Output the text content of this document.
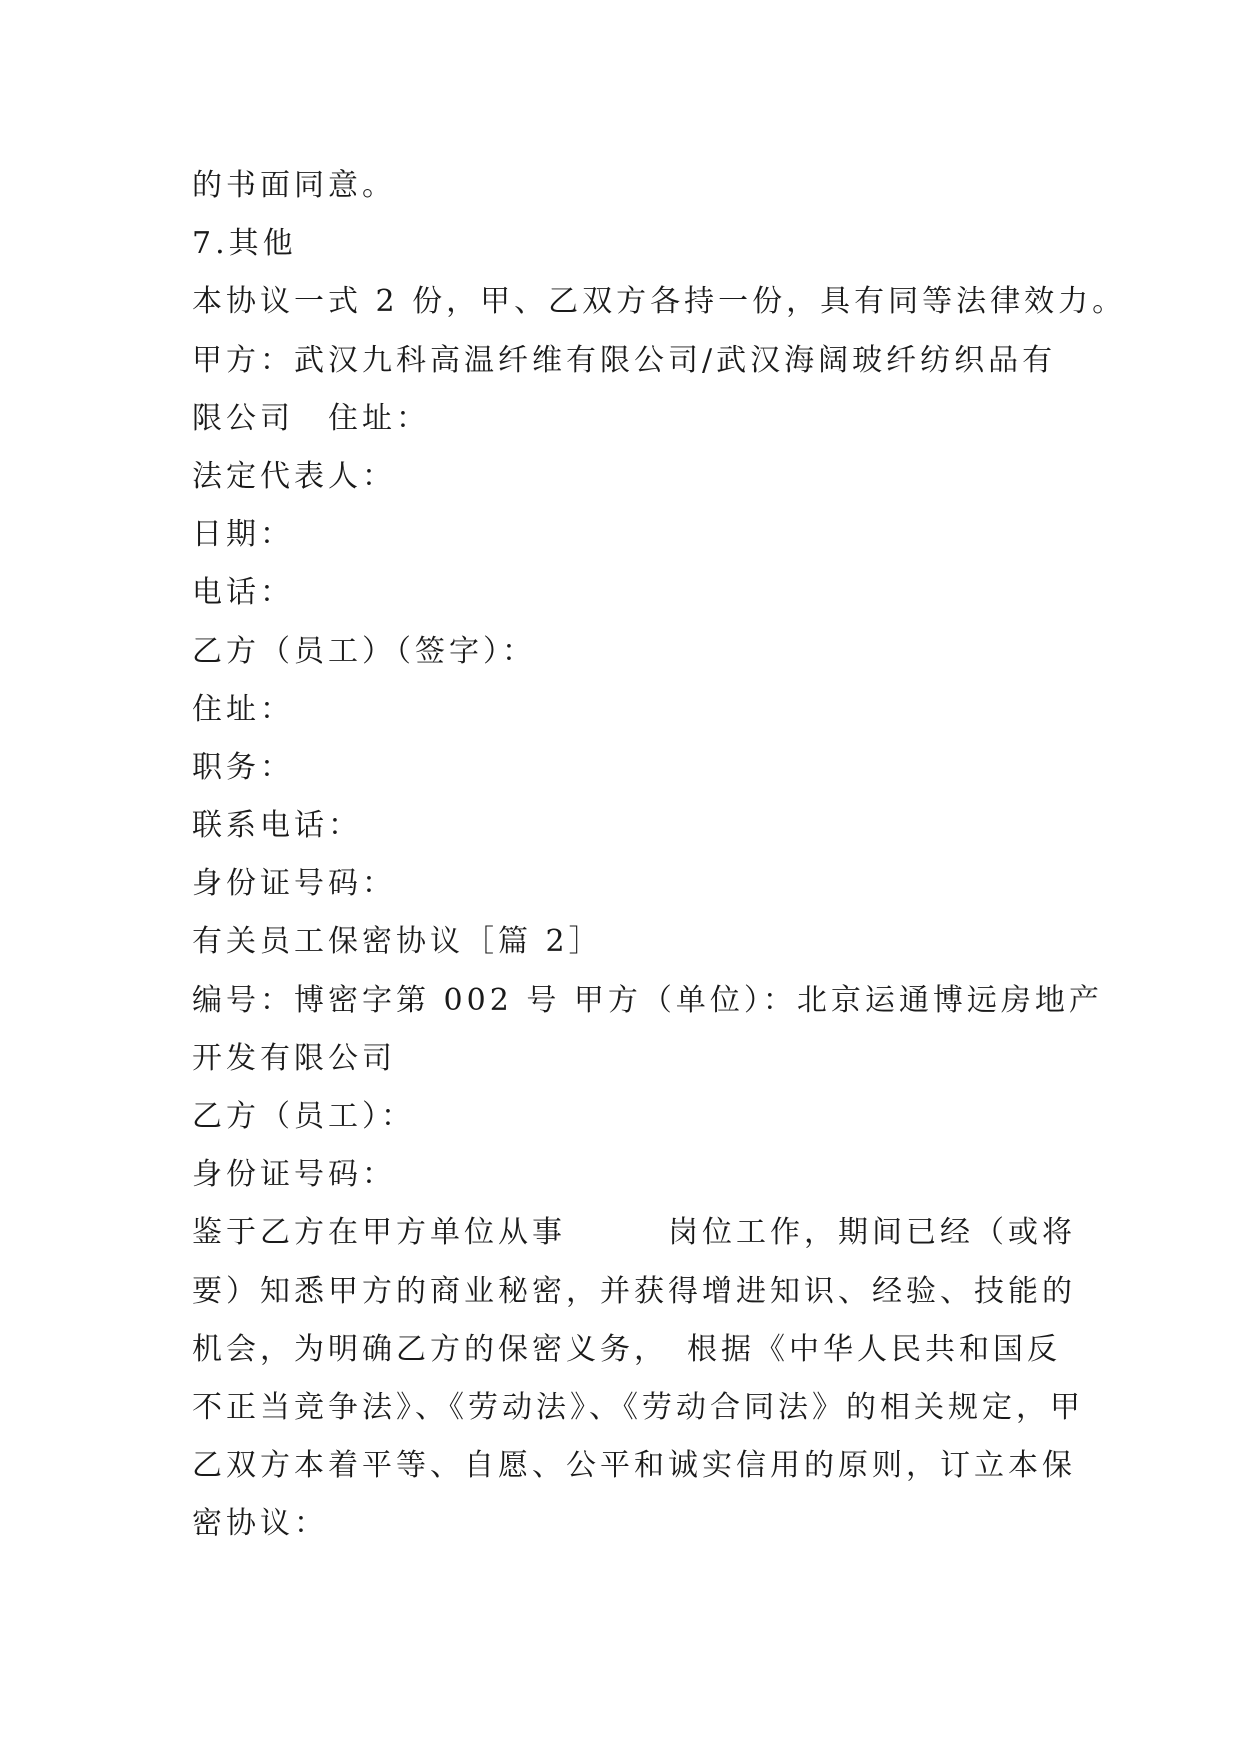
的书面同意。
7.其他
本协议一式 2 份，甲、乙双方各持一份，具有同等法律效力。
甲方：武汉九科高温纤维有限公司/武汉海阔玻纤纺织品有
限公司　住址：
法定代表人：
日期：
电话：
乙方（员工）（签字）：
住址：
职务：
联系电话：
身份证号码：
有关员工保密协议［篇 2］
编号：博密字第 002 号 甲方（单位）：北京运通博远房地产
开发有限公司
乙方（员工）：
身份证号码：
鉴于乙方在甲方单位从事　　　岗位工作，期间已经（或将
要）知悉甲方的商业秘密，并获得增进知识、经验、技能的
机会，为明确乙方的保密义务，　根据《中华人民共和国反
不正当竞争法》、《劳动法》、《劳动合同法》的相关规定，甲
乙双方本着平等、自愿、公平和诚实信用的原则，订立本保
密协议：
